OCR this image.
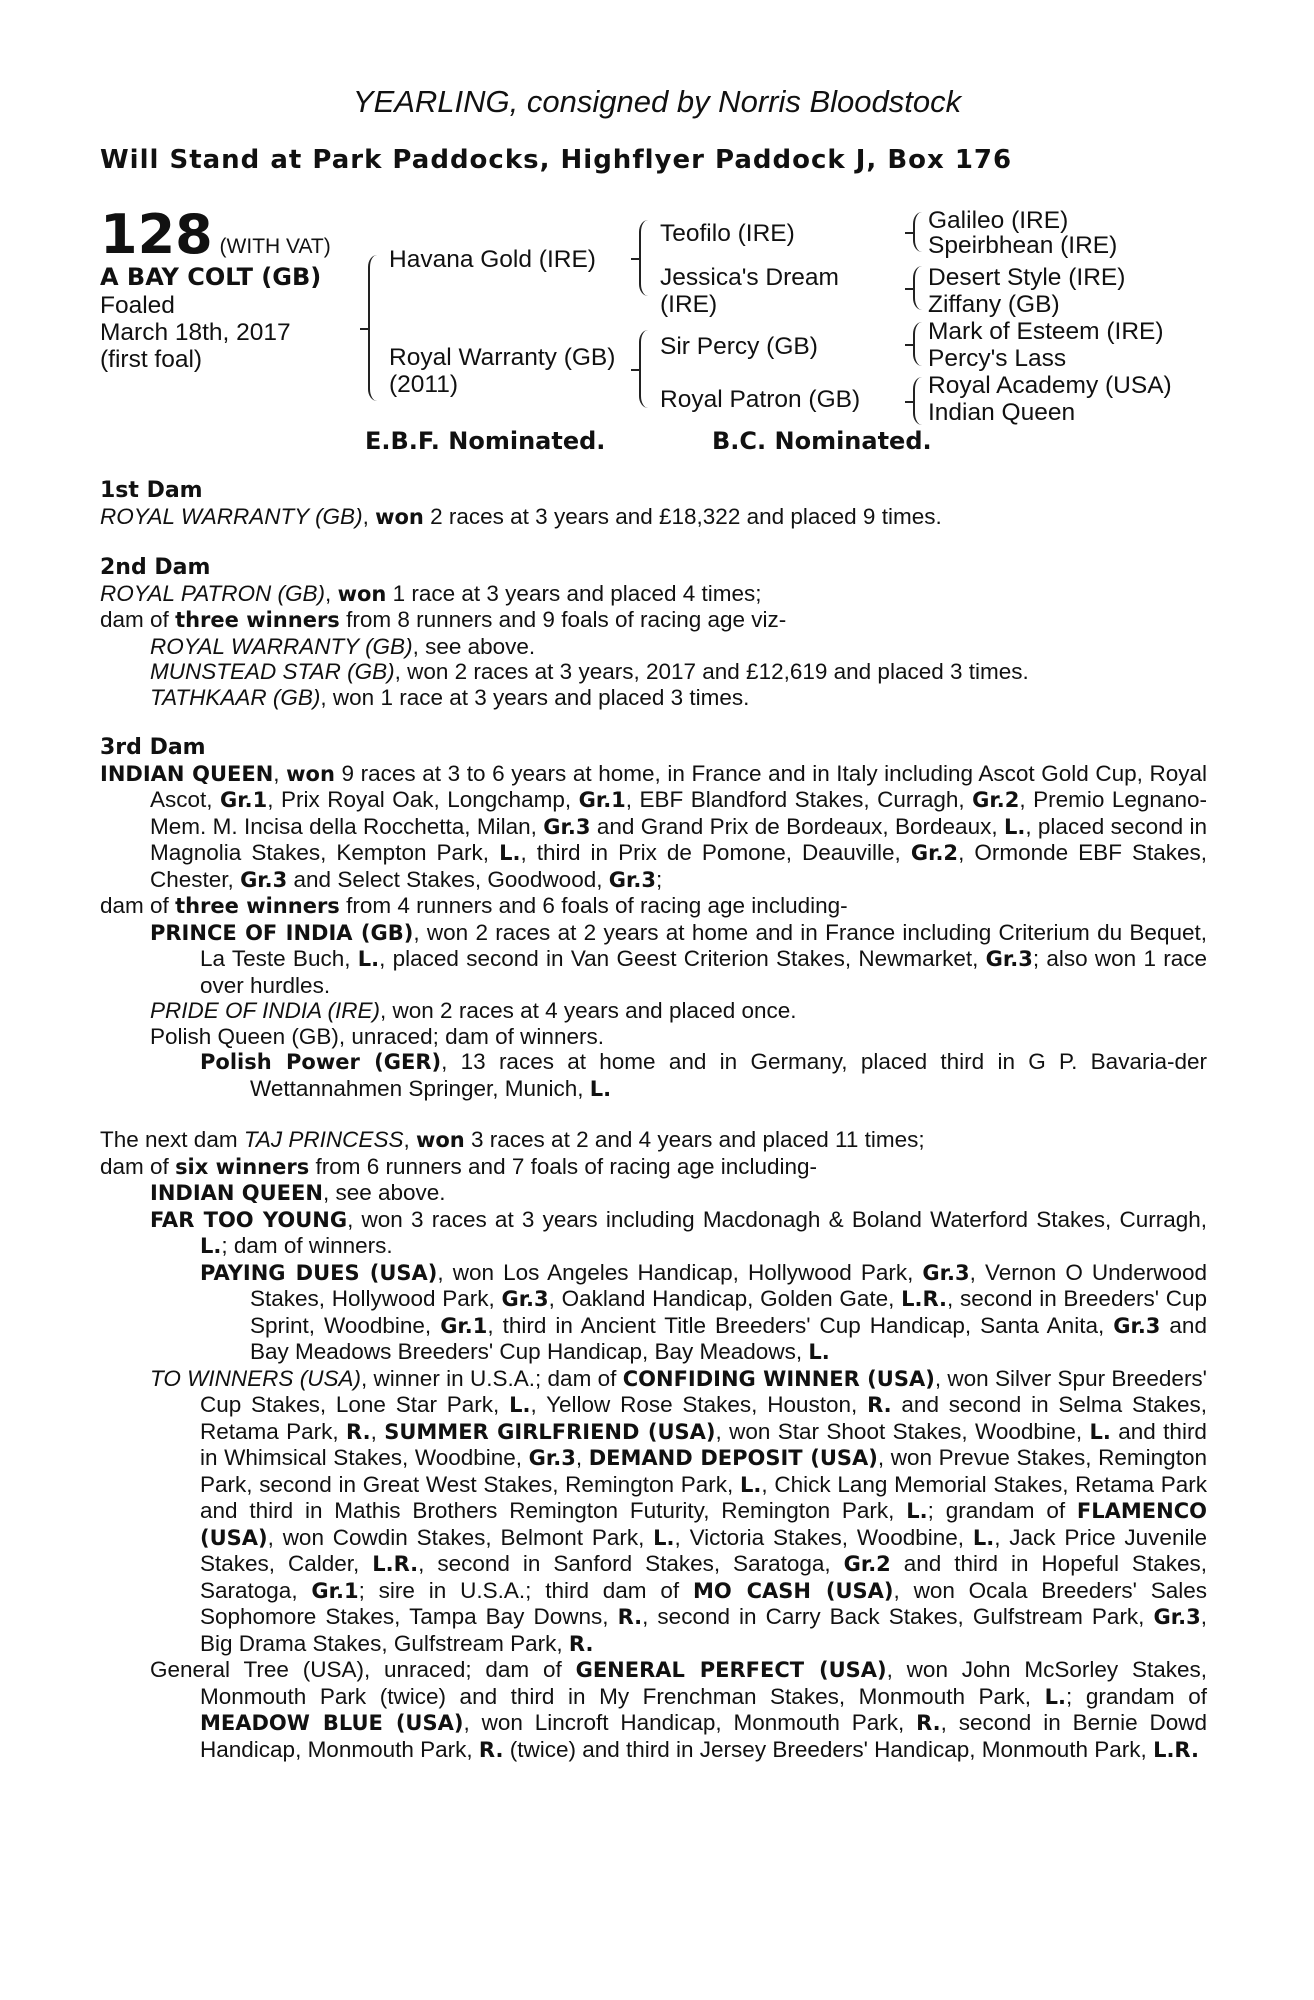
YEARLING, consigned by Norris Bloodstock
Will Stand at Park Paddocks, Highflyer Paddock J, Box 176
128 (WITH VAT)
A BAY COLT (GB)
Foaled
March 18th, 2017
(first foal)
Havana Gold (IRE)
Royal Warranty (GB)
(2011)
Teofilo (IRE)
Jessica's Dream
(IRE)
Sir Percy (GB)
Royal Patron (GB)
Galileo (IRE)
Speirbhean (IRE)
Desert Style (IRE)
Ziffany (GB)
Mark of Esteem (IRE)
Percy's Lass
Royal Academy (USA)
Indian Queen
E.B.F. Nominated.	B.C. Nominated.
1st Dam

ROYAL WARRANTY (GB), won 2 races at 3 years and £18,322 and placed 9 times.

2nd Dam

ROYAL PATRON (GB), won 1 race at 3 years and placed 4 times;

dam of three winners from 8 runners and 9 foals of racing age viz-

ROYAL WARRANTY (GB), see above.

MUNSTEAD STAR (GB), won 2 races at 3 years, 2017 and £12,619 and placed 3 times.

TATHKAAR (GB), won 1 race at 3 years and placed 3 times.

3rd Dam

INDIAN QUEEN, won 9 races at 3 to 6 years at home, in France and in Italy including Ascot Gold Cup, Royal Ascot, Gr.1, Prix Royal Oak, Longchamp, Gr.1, EBF Blandford Stakes, Curragh, Gr.2, Premio Legnano-Mem. M. Incisa della Rocchetta, Milan, Gr.3 and Grand Prix de Bordeaux, Bordeaux, L., placed second in Magnolia Stakes, Kempton Park, L., third in Prix de Pomone, Deauville, Gr.2, Ormonde EBF Stakes, Chester, Gr.3 and Select Stakes, Goodwood, Gr.3;

dam of three winners from 4 runners and 6 foals of racing age including-

PRINCE OF INDIA (GB), won 2 races at 2 years at home and in France including Criterium du Bequet, La Teste Buch, L., placed second in Van Geest Criterion Stakes, Newmarket, Gr.3; also won 1 race over hurdles.

PRIDE OF INDIA (IRE), won 2 races at 4 years and placed once.

Polish Queen (GB), unraced; dam of winners.

Polish Power (GER), 13 races at home and in Germany, placed third in G P. Bavaria-der Wettannahmen Springer, Munich, L.

The next dam TAJ PRINCESS, won 3 races at 2 and 4 years and placed 11 times;

dam of six winners from 6 runners and 7 foals of racing age including-

INDIAN QUEEN, see above.

FAR TOO YOUNG, won 3 races at 3 years including Macdonagh & Boland Waterford Stakes, Curragh, L.; dam of winners.

PAYING DUES (USA), won Los Angeles Handicap, Hollywood Park, Gr.3, Vernon O Underwood Stakes, Hollywood Park, Gr.3, Oakland Handicap, Golden Gate, L.R., second in Breeders' Cup Sprint, Woodbine, Gr.1, third in Ancient Title Breeders' Cup Handicap, Santa Anita, Gr.3 and Bay Meadows Breeders' Cup Handicap, Bay Meadows, L.

TO WINNERS (USA), winner in U.S.A.; dam of CONFIDING WINNER (USA), won Silver Spur Breeders' Cup Stakes, Lone Star Park, L., Yellow Rose Stakes, Houston, R. and second in Selma Stakes, Retama Park, R., SUMMER GIRLFRIEND (USA), won Star Shoot Stakes, Woodbine, L. and third in Whimsical Stakes, Woodbine, Gr.3, DEMAND DEPOSIT (USA), won Prevue Stakes, Remington Park, second in Great West Stakes, Remington Park, L., Chick Lang Memorial Stakes, Retama Park and third in Mathis Brothers Remington Futurity, Remington Park, L.; grandam of FLAMENCO (USA), won Cowdin Stakes, Belmont Park, L., Victoria Stakes, Woodbine, L., Jack Price Juvenile Stakes, Calder, L.R., second in Sanford Stakes, Saratoga, Gr.2 and third in Hopeful Stakes, Saratoga, Gr.1; sire in U.S.A.; third dam of MO CASH (USA), won Ocala Breeders' Sales Sophomore Stakes, Tampa Bay Downs, R., second in Carry Back Stakes, Gulfstream Park, Gr.3, Big Drama Stakes, Gulfstream Park, R.

General Tree (USA), unraced; dam of GENERAL PERFECT (USA), won John McSorley Stakes, Monmouth Park (twice) and third in My Frenchman Stakes, Monmouth Park, L.; grandam of MEADOW BLUE (USA), won Lincroft Handicap, Monmouth Park, R., second in Bernie Dowd Handicap, Monmouth Park, R. (twice) and third in Jersey Breeders' Handicap, Monmouth Park, L.R.
